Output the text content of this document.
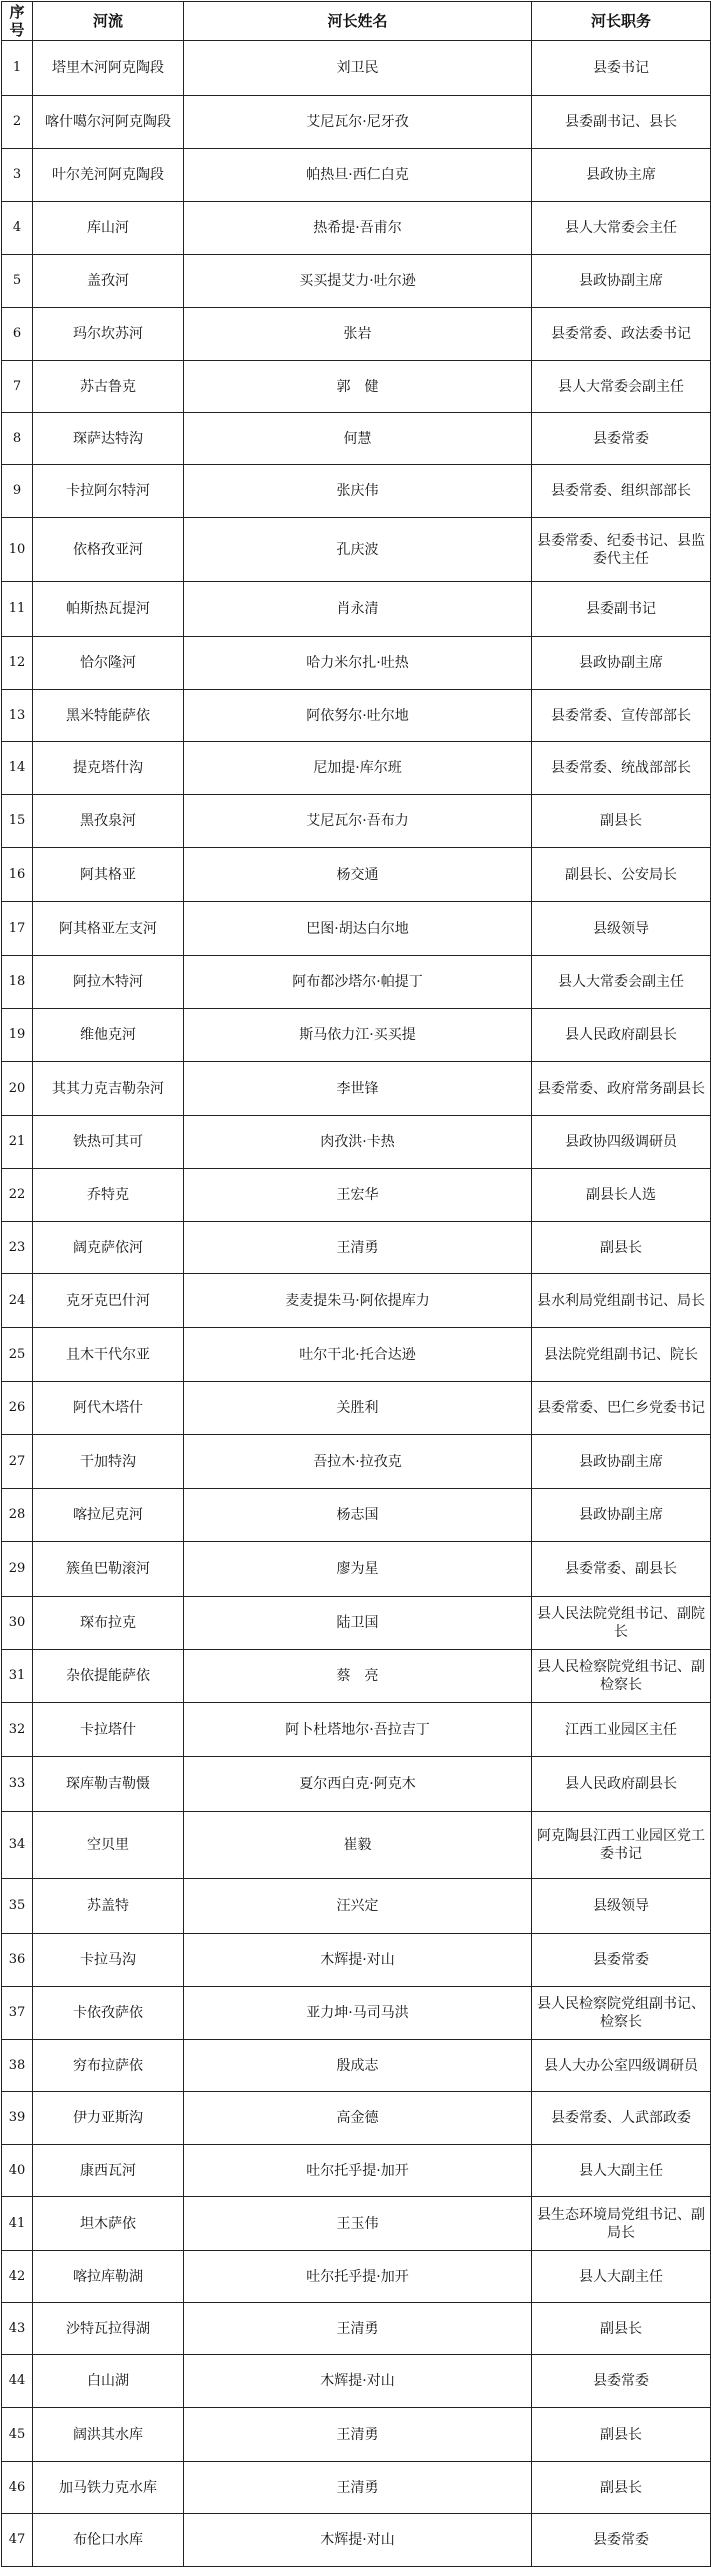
序号	河流	河长姓名	河长职务
1	塔里木河阿克陶段	刘卫民	县委书记
2	喀什噶尔河阿克陶段	艾尼瓦尔·尼牙孜	县委副书记、县长
3	叶尔羌河阿克陶段	帕热旦·西仁白克	县政协主席
4	库山河	热希提·吾甫尔	县人大常委会主任
5	盖孜河	买买提艾力·吐尔逊	县政协副主席
6	玛尔坎苏河	张岩	县委常委、政法委书记
7	苏古鲁克	郭　健	县人大常委会副主任
8	琛萨达特沟	何慧	县委常委
9	卡拉阿尔特河	张庆伟	县委常委、组织部部长
10	依格孜亚河	孔庆波	县委常委、纪委书记、县监委代主任
11	帕斯热瓦提河	肖永清	县委副书记
12	恰尔隆河	哈力米尔扎·吐热	县政协副主席
13	黑米特能萨依	阿依努尔·吐尔地	县委常委、宣传部部长
14	提克塔什沟	尼加提·库尔班	县委常委、统战部部长
15	黑孜泉河	艾尼瓦尔·吾布力	副县长
16	阿其格亚	杨交通	副县长、公安局长
17	阿其格亚左支河	巴图·胡达白尔地	县级领导
18	阿拉木特河	阿布都沙塔尔·帕提丁	县人大常委会副主任
19	维他克河	斯马依力江·买买提	县人民政府副县长
20	其其力克吉勒杂河	李世锋	县委常委、政府常务副县长
21	铁热可其可	肉孜洪·卡热	县政协四级调研员
22	乔特克	王宏华	副县长人选
23	阔克萨依河	王清勇	副县长
24	克牙克巴什河	麦麦提朱马·阿依提库力	县水利局党组副书记、局长
25	且木干代尔亚	吐尔干北·托合达逊	县法院党组副书记、院长
26	阿代木塔什	关胜利	县委常委、巴仁乡党委书记
27	干加特沟	吾拉木·拉孜克	县政协副主席
28	喀拉尼克河	杨志国	县政协副主席
29	簇鱼巴勒滚河	廖为星	县委常委、副县长
30	琛布拉克	陆卫国	县人民法院党组书记、副院长
31	杂依提能萨依	蔡　亮	县人民检察院党组书记、副检察长
32	卡拉塔什	阿卜杜塔地尔·吾拉吉丁	江西工业园区主任
33	琛库勒吉勒慑	夏尔西白克·阿克木	县人民政府副县长
34	空贝里	崔毅	阿克陶县江西工业园区党工委书记
35	苏盖特	汪兴定	县级领导
36	卡拉马沟	木辉提·对山	县委常委
37	卡依孜萨依	亚力坤·马司马洪	县人民检察院党组副书记、检察长
38	穷布拉萨依	殷成志	县人大办公室四级调研员
39	伊力亚斯沟	高金德	县委常委、人武部政委
40	康西瓦河	吐尔托乎提·加开	县人大副主任
41	坦木萨依	王玉伟	县生态环境局党组书记、副局长
42	喀拉库勒湖	吐尔托乎提·加开	县人大副主任
43	沙特瓦拉得湖	王清勇	副县长
44	白山湖	木辉提·对山	县委常委
45	阔洪其水库	王清勇	副县长
46	加马铁力克水库	王清勇	副县长
47	布伦口水库	木辉提·对山	县委常委
